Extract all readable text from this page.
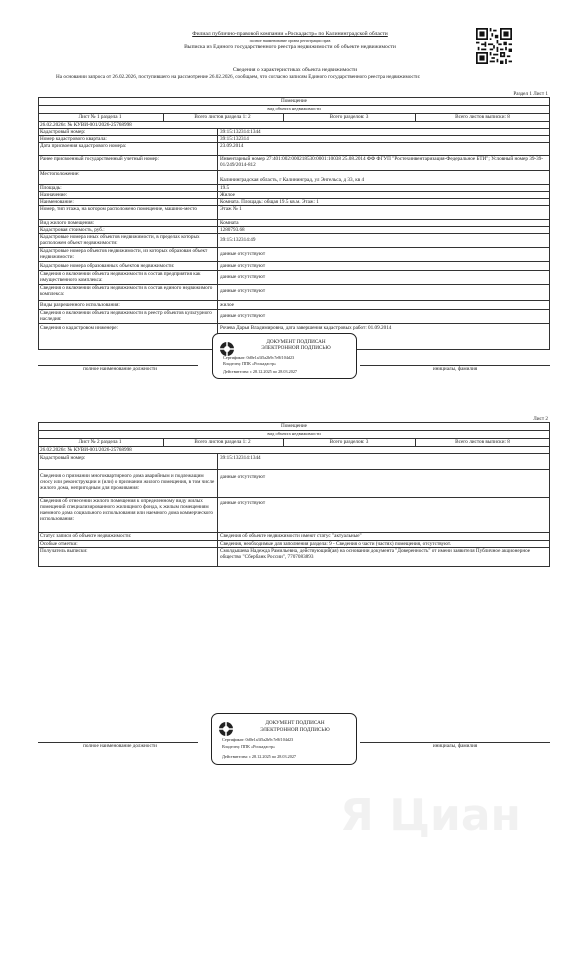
Филиал публично-правовой компании «Роскадастр» по Калининградской области
полное наименование органа регистрации прав
Выписка из Единого государственного реестра недвижимости об объекте недвижимости
Сведения о характеристиках объекта недвижимости
На основании запроса от 26.02.2026, поступившего на рассмотрение 26.02.2026, сообщаем, что согласно записям Единого государственного реестра недвижимости:
Раздел 1 Лист 1
Помещение
вид объекта недвижимости
Лист № 1 раздела 1	Всего листов раздела 1: 2	Всего разделов: 3	Всего листов выписки: 8
26.02.2026г. № КУВИ-001/2026-25768998
Кадастровый номер:	39:15:132314:1344
Номер кадастрового квартала:	39:15:132314
Дата присвоения кадастрового номера:	23.09.2014
Ранее присвоенный государственный учетный номер:	Инвентарный номер 27:401:002:000218530:0001:10038 25.08.2014 ФФ ФГУП "Ростехинвентаризация-Федеральное БТИ"; Условный номер 39-39-01/249/2014-812
Местоположение:
Калининградская область, г Калининград, ул Энгельса, д 33, кв 4
Площадь:	19.5
Назначение:	Жилое
Наименование:	Комната. Площадь: общая 19.5 кв.м. Этаж: 1
Номер, тип этажа, на котором расположено помещение, машино-место	Этаж № 1
Вид жилого помещения:	Комната
Кадастровая стоимость, руб.:	1280793.68
Кадастровые номера иных объектов недвижимости, в пределах которых расположен объект недвижимости:	39:15:132314:49
Кадастровые номера объектов недвижимости, из которых образован объект недвижимости:	данные отсутствуют
Кадастровые номера образованных объектов недвижимости:	данные отсутствуют
Сведения о включении объекта недвижимости в состав предприятия как имущественного комплекса:	данные отсутствуют
Сведения о включении объекта недвижимости в состав единого недвижимого комплекса:	данные отсутствуют
Виды разрешенного использования:	жилое
Сведения о включении объекта недвижимости в реестр объектов культурного наследия:	данные отсутствуют
Сведения о кадастровом инженере:	Рочева Дарья Владимировна, дата завершения кадастровых работ: 01.09.2014
полное наименование должности	инициалы, фамилия
ДОКУМЕНТ ПОДПИСАН
ЭЛЕКТРОННОЙ ПОДПИСЬЮ
Сертификат: 0d0e1a3f5a2b9c7e8f104d23
Владелец: ППК «Роскадастр»
Действителен: с 28.12.2025 по 28.03.2027
Лист 2
Помещение
вид объекта недвижимости
Лист № 2 раздела 1	Всего листов раздела 1: 2	Всего разделов: 3	Всего листов выписки: 8
26.02.2026г. № КУВИ-001/2026-25768998
Кадастровый номер:	39:15:132314:1344
Сведения о признании многоквартирного дома аварийным и подлежащим сносу или реконструкции и (или) о признании жилого помещения, в том числе жилого дома, непригодным для проживания:
данные отсутствуют
Сведения об отнесении жилого помещения к определенному виду жилых помещений специализированного жилищного фонда, к жилым помещениям наемного дома социального использования или наемного дома коммерческого использования:
данные отсутствуют
Статус записи об объекте недвижимости:	Сведения об объекте недвижимости имеют статус "актуальные"
Особые отметки:	Сведения, необходимые для заполнения раздела: 9 - Сведения о части (частях) помещения, отсутствуют.
Получатель выписки:	Смолдышева Надежда Рамильевна, действующий(ая) на основании документа "Доверенность" от имени заявителя Публичное акционерное общество "Сбербанк России", 7707083893
полное наименование должности	инициалы, фамилия
ДОКУМЕНТ ПОДПИСАН
ЭЛЕКТРОННОЙ ПОДПИСЬЮ
Сертификат: 0d0e1a3f5a2b9c7e8f104d23
Владелец: ППК «Роскадастр»
Действителен: с 28.12.2025 по 28.03.2027
Я Циан
